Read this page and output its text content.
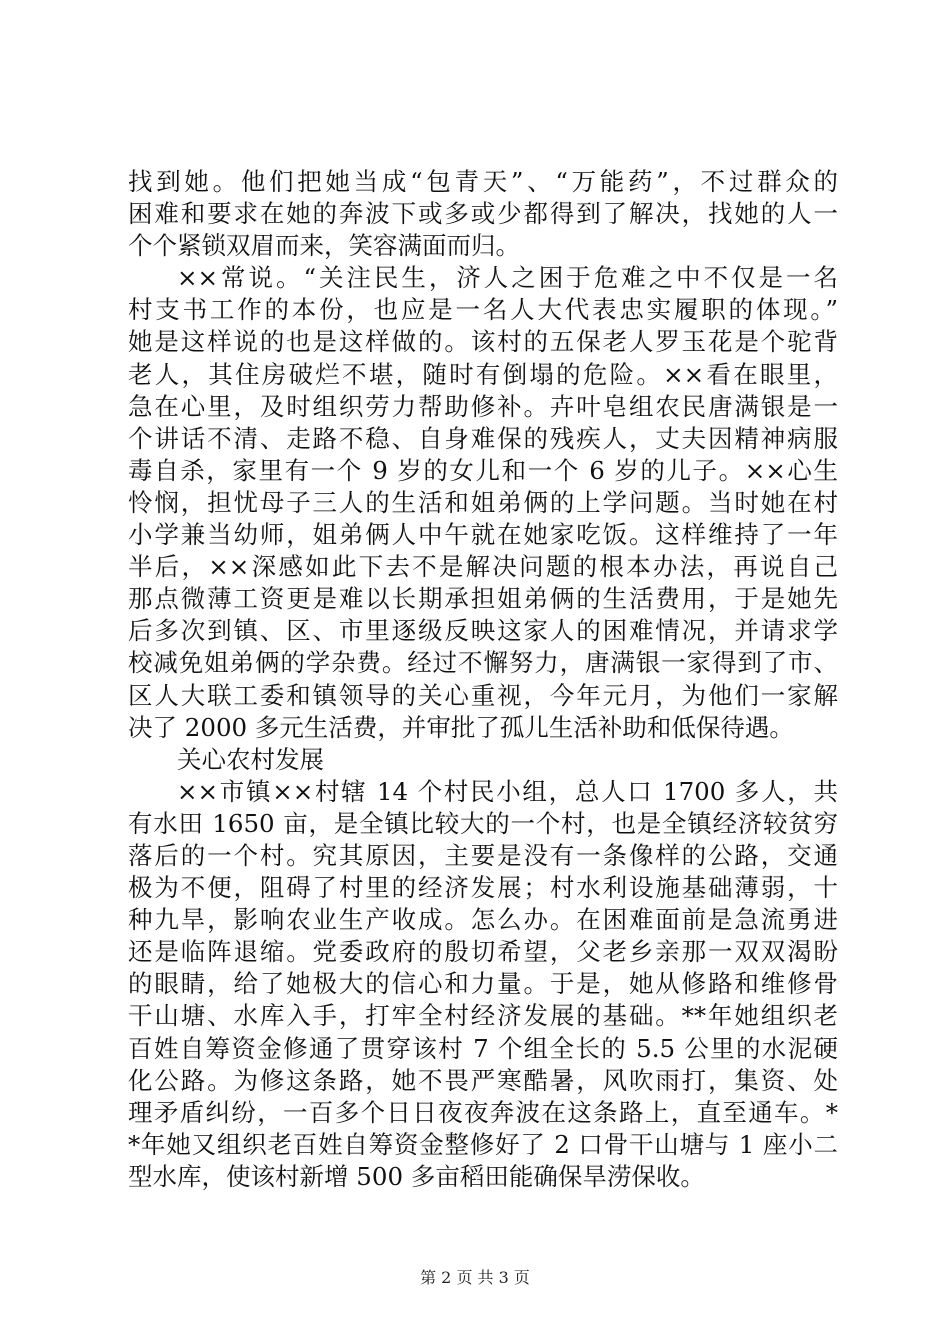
找到她。他们把她当成“包青天”、“万能药”，不过群众的
困难和要求在她的奔波下或多或少都得到了解决，找她的人一
个个紧锁双眉而来，笑容满面而归。
××常说。“关注民生，济人之困于危难之中不仅是一名
村支书工作的本份，也应是一名人大代表忠实履职的体现。”
她是这样说的也是这样做的。该村的五保老人罗玉花是个驼背
老人，其住房破烂不堪，随时有倒塌的危险。××看在眼里，
急在心里，及时组织劳力帮助修补。卉叶皂组农民唐满银是一
个讲话不清、走路不稳、自身难保的残疾人，丈夫因精神病服
毒自杀，家里有一个 9 岁的女儿和一个 6 岁的儿子。××心生
怜悯，担忧母子三人的生活和姐弟俩的上学问题。当时她在村
小学兼当幼师，姐弟俩人中午就在她家吃饭。这样维持了一年
半后，××深感如此下去不是解决问题的根本办法，再说自己
那点微薄工资更是难以长期承担姐弟俩的生活费用，于是她先
后多次到镇、区、市里逐级反映这家人的困难情况，并请求学
校减免姐弟俩的学杂费。经过不懈努力，唐满银一家得到了市、
区人大联工委和镇领导的关心重视，今年元月，为他们一家解
决了 2000 多元生活费，并审批了孤儿生活补助和低保待遇。
关心农村发展
××市镇××村辖 14 个村民小组，总人口 1700 多人，共
有水田 1650 亩，是全镇比较大的一个村，也是全镇经济较贫穷
落后的一个村。究其原因，主要是没有一条像样的公路，交通
极为不便，阻碍了村里的经济发展；村水利设施基础薄弱，十
种九旱，影响农业生产收成。怎么办。在困难面前是急流勇进
还是临阵退缩。党委政府的殷切希望，父老乡亲那一双双渴盼
的眼睛，给了她极大的信心和力量。于是，她从修路和维修骨
干山塘、水库入手，打牢全村经济发展的基础。**年她组织老
百姓自筹资金修通了贯穿该村 7 个组全长的 5.5 公里的水泥硬
化公路。为修这条路，她不畏严寒酷暑，风吹雨打，集资、处
理矛盾纠纷，一百多个日日夜夜奔波在这条路上，直至通车。*
*年她又组织老百姓自筹资金整修好了 2 口骨干山塘与 1 座小二
型水库，使该村新增 500 多亩稻田能确保旱涝保收。
第 2 页 共 3 页
